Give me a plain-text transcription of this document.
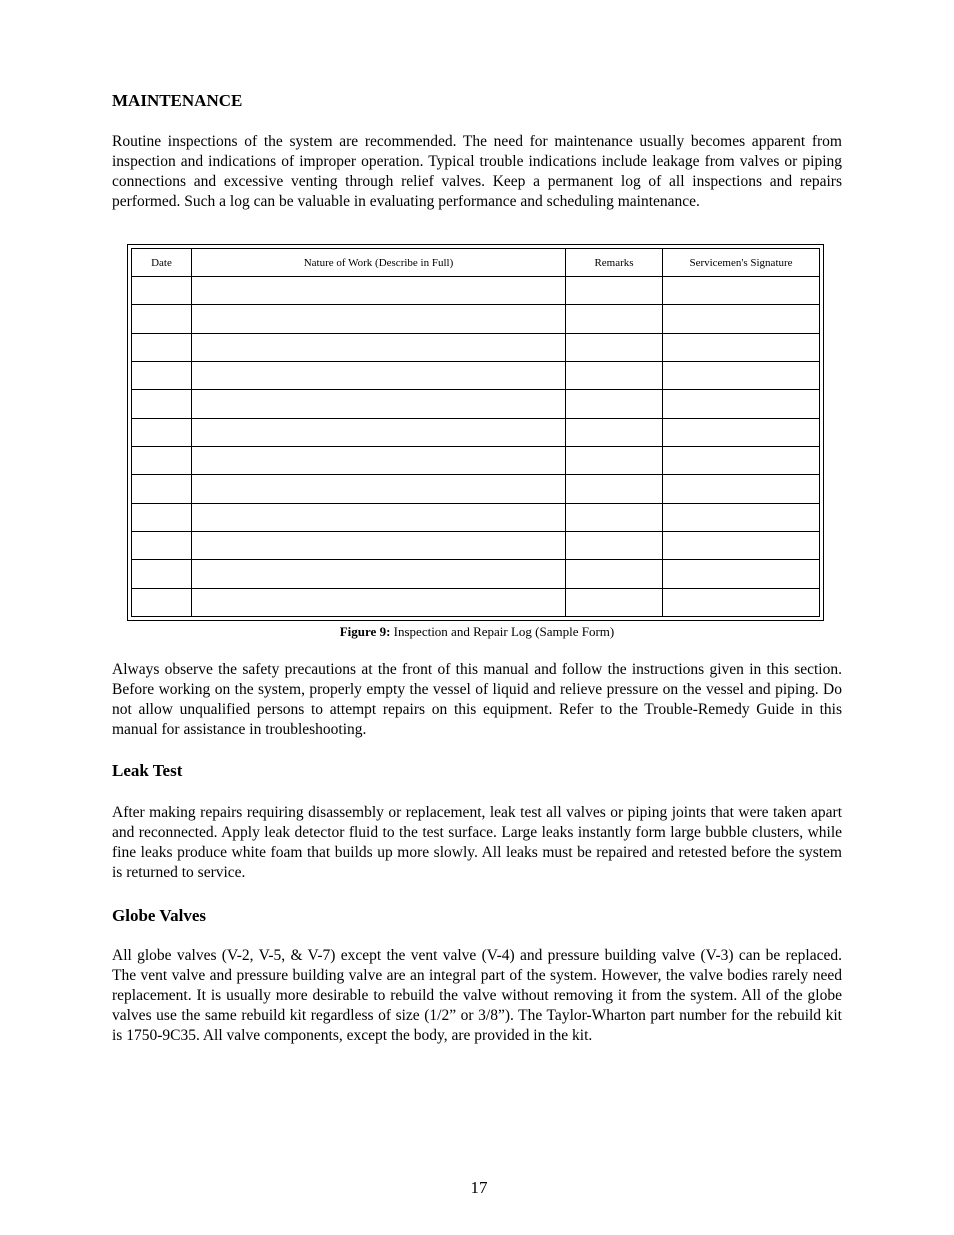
MAINTENANCE

Routine inspections of the system are recommended. The need for maintenance usually becomes apparent from inspection and indications of improper operation. Typical trouble indications include leakage from valves or piping connections and excessive venting through relief valves. Keep a permanent log of all inspections and repairs performed. Such a log can be valuable in evaluating performance and scheduling maintenance.

Date	Nature of Work (Describe in Full)	Remarks	Servicemen's Signature

Figure 9: Inspection and Repair Log (Sample Form)

Always observe the safety precautions at the front of this manual and follow the instructions given in this section. Before working on the system, properly empty the vessel of liquid and relieve pressure on the vessel and piping. Do not allow unqualified persons to attempt repairs on this equipment. Refer to the Trouble-Remedy Guide in this manual for assistance in troubleshooting.

Leak Test

After making repairs requiring disassembly or replacement, leak test all valves or piping joints that were taken apart and reconnected. Apply leak detector fluid to the test surface. Large leaks instantly form large bubble clusters, while fine leaks produce white foam that builds up more slowly. All leaks must be repaired and retested before the system is returned to service.

Globe Valves

All globe valves (V-2, V-5, & V-7) except the vent valve (V-4) and pressure building valve (V-3) can be replaced. The vent valve and pressure building valve are an integral part of the system. However, the valve bodies rarely need replacement. It is usually more desirable to rebuild the valve without removing it from the system. All of the globe valves use the same rebuild kit regardless of size (1/2” or 3/8”). The Taylor-Wharton part number for the rebuild kit is 1750-9C35. All valve components, except the body, are provided in the kit.

17
